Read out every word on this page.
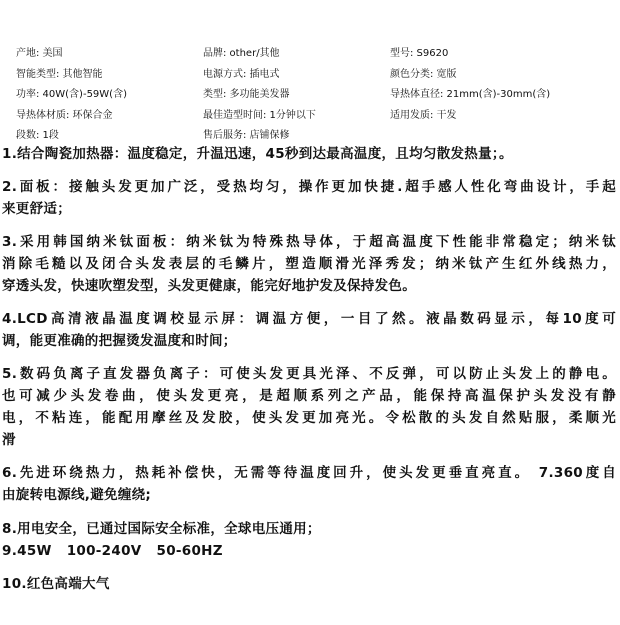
产地: 美国	品牌: other/其他	型号: S9620
智能类型: 其他智能	电源方式: 插电式	颜色分类: 宽版
功率: 40W(含)-59W(含)	类型: 多功能美发器	导热体直径: 21mm(含)-30mm(含)
导热体材质: 环保合金	最佳造型时间: 1分钟以下	适用发质: 干发
段数: 1段	售后服务: 店铺保修
1.结合陶瓷加热器：温度稳定，升温迅速，45秒到达最高温度，且均匀散发热量；。
2.面板：接触头发更加广泛，受热均匀，操作更加快捷.超手感人性化弯曲设计，手起
来更舒适；
3.采用韩国纳米钛面板：纳米钛为特殊热导体，于超高温度下性能非常稳定；纳米钛
消除毛糙以及闭合头发表层的毛鳞片，塑造顺滑光泽秀发；纳米钛产生红外线热力，
穿透头发，快速吹塑发型，头发更健康，能完好地护发及保持发色。
4.LCD高清液晶温度调校显示屏：调温方便，一目了然。液晶数码显示，每10度可
调，能更准确的把握烫发温度和时间；
5.数码负离子直发器负离子：可使头发更具光泽、不反弹，可以防止头发上的静电。
也可减少头发卷曲，使头发更亮，是超顺系列之产品，能保持高温保护头发没有静
电，不粘连，能配用摩丝及发胶，使头发更加亮光。令松散的头发自然贴服，柔顺光
滑
6.先进环绕热力，热耗补偿快，无需等待温度回升，使头发更垂直亮直。 7.360度自
由旋转电源线,避免缠绕;
8.用电安全，已通过国际安全标准，全球电压通用；
9.45W   100-240V   50-60HZ
10.红色高端大气
